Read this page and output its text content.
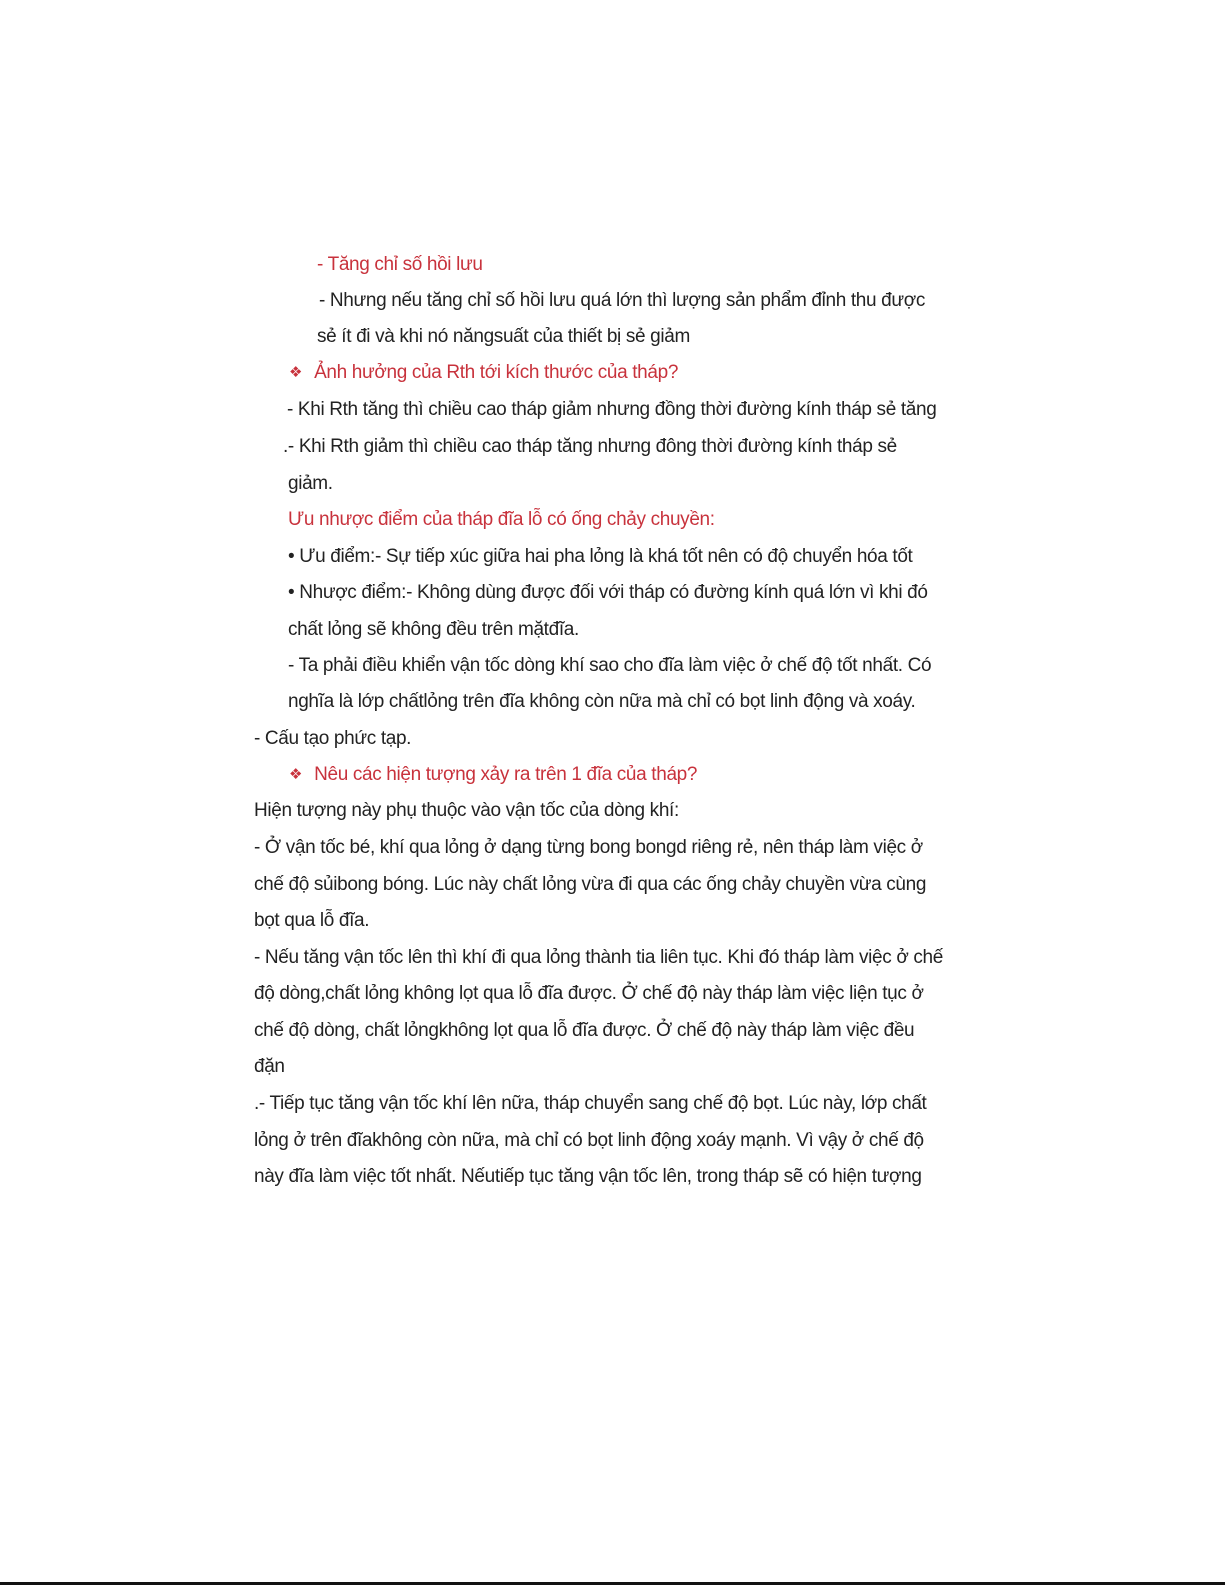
- Tăng chỉ số hồi lưu
- Nhưng nếu tăng chỉ số hồi lưu quá lớn thì lượng sản phẩm đỉnh thu được
sẻ ít đi và khi nó năngsuất của thiết bị sẻ giảm
❖ Ảnh hưởng của Rth tới kích thước của tháp?
- Khi Rth tăng thì chiều cao tháp giảm nhưng đồng thời đường kính tháp sẻ tăng
.- Khi Rth giảm thì chiều cao tháp tăng nhưng đông thời đường kính tháp sẻ
giảm.
Ưu nhược điểm của tháp đĩa lỗ có ống chảy chuyền:
• Ưu điểm:- Sự tiếp xúc giữa hai pha lỏng là khá tốt nên có độ chuyển hóa tốt
• Nhược điểm:- Không dùng được đối với tháp có đường kính quá lớn vì khi đó
chất lỏng sẽ không đều trên mặtđĩa.
- Ta phải điều khiển vận tốc dòng khí sao cho đĩa làm việc ở chế độ tốt nhất. Có
nghĩa là lớp chấtlỏng trên đĩa không còn nữa mà chỉ có bọt linh động và xoáy.
- Cấu tạo phức tạp.
❖ Nêu các hiện tượng xảy ra trên 1 đĩa của tháp?
Hiện tượng này phụ thuộc vào vận tốc của dòng khí:
- Ở vận tốc bé, khí qua lỏng ở dạng từng bong bongd riêng rẻ, nên tháp làm việc ở
chế độ sủibong bóng. Lúc này chất lỏng vừa đi qua các ống chảy chuyền vừa cùng
bọt qua lỗ đĩa.
- Nếu tăng vận tốc lên thì khí đi qua lỏng thành tia liên tục. Khi đó tháp làm việc ở chế
độ dòng,chất lỏng không lọt qua lỗ đĩa được. Ở chế độ này tháp làm việc liện tục ở
chế độ dòng, chất lỏngkhông lọt qua lỗ đĩa được. Ở chế độ này tháp làm việc đều
đặn
.- Tiếp tục tăng vận tốc khí lên nữa, tháp chuyển sang chế độ bọt. Lúc này, lớp chất
lỏng ở trên đĩakhông còn nữa, mà chỉ có bọt linh động xoáy mạnh. Vì vậy ở chế độ
này đĩa làm việc tốt nhất. Nếutiếp tục tăng vận tốc lên, trong tháp sẽ có hiện tượng
